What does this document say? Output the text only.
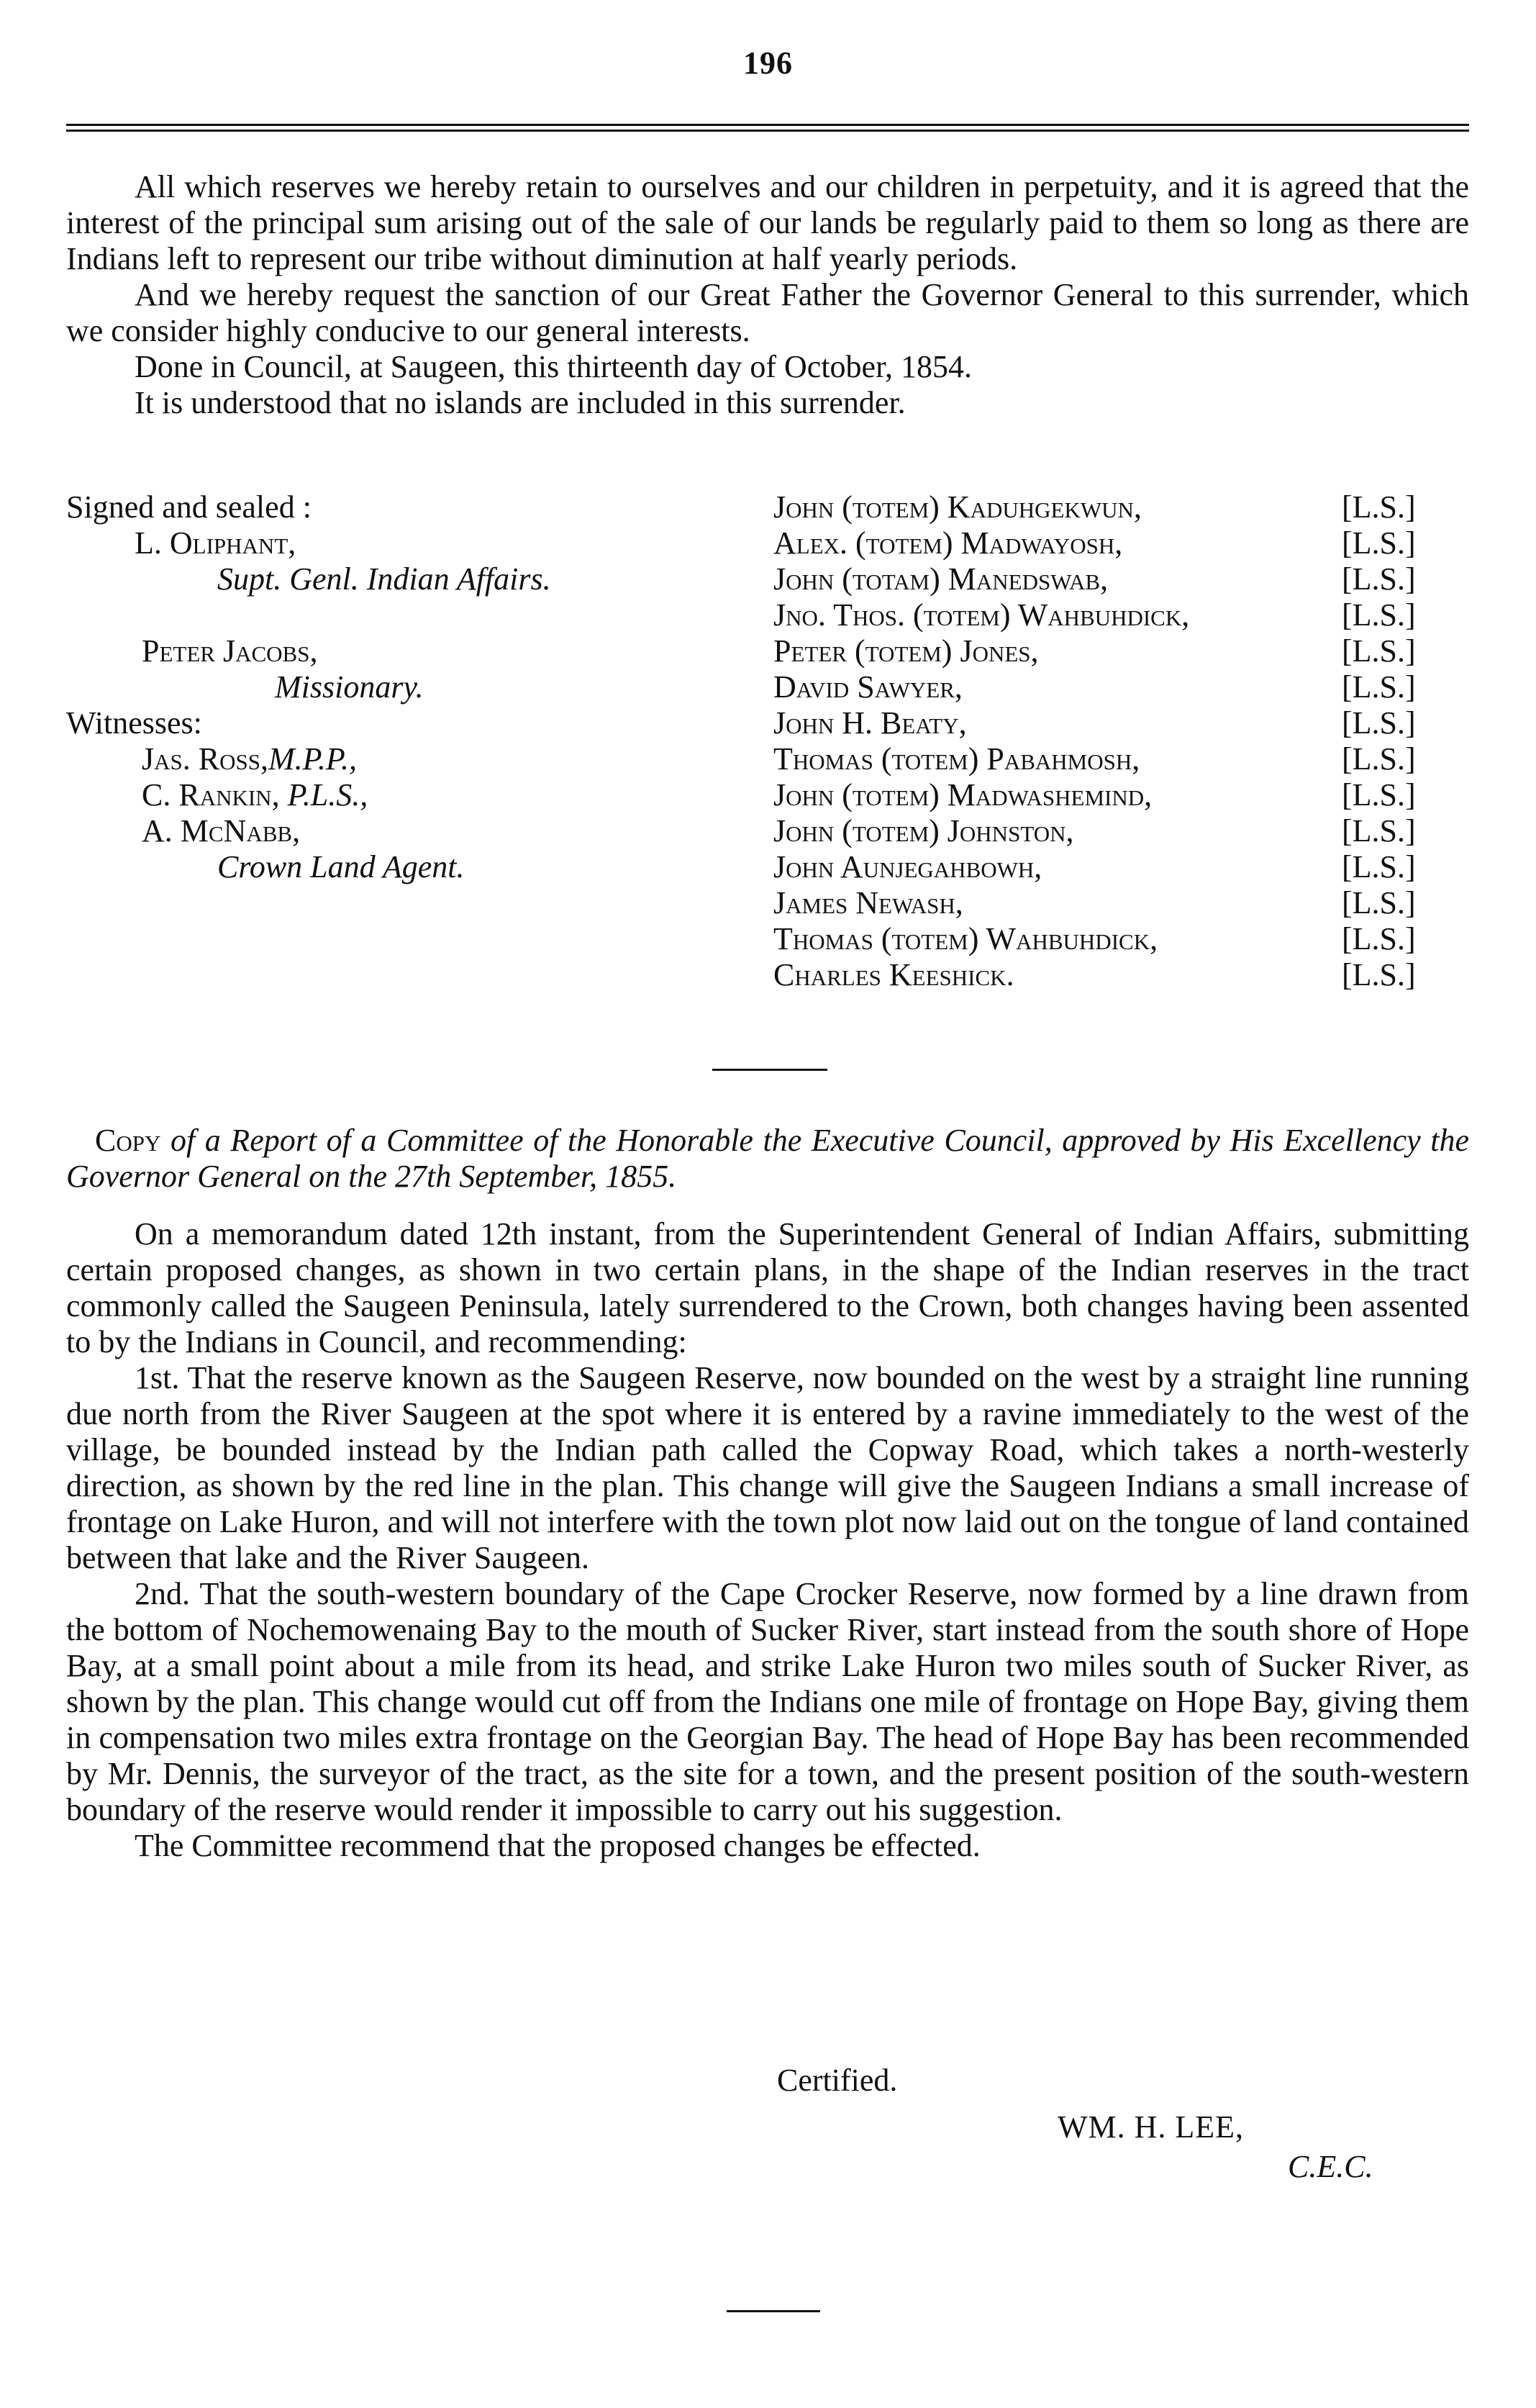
196

All which reserves we hereby retain to ourselves and our children in perpetuity, and it is agreed that the interest of the principal sum arising out of the sale of our lands be regularly paid to them so long as there are Indians left to represent our tribe without diminution at half yearly periods.

And we hereby request the sanction of our Great Father the Governor General to this surrender, which we consider highly conducive to our general interests.

Done in Council, at Saugeen, this thirteenth day of October, 1854.

It is understood that no islands are included in this surrender.

Signed and sealed :
L. Oliphant,
Supt. Genl. Indian Affairs.
Peter Jacobs,
Missionary.
Witnesses:
Jas. Ross,M.P.P.,
C. Rankin, P.L.S.,
A. McNabb,
Crown Land Agent.
John (totem) Kaduhgekwun,	[L.S.]
Alex. (totem) Madwayosh,	[L.S.]
John (totam) Manedswab,	[L.S.]
Jno. Thos. (totem) Wahbuhdick,	[L.S.]
Peter (totem) Jones,	[L.S.]
David Sawyer,	[L.S.]
John H. Beaty,	[L.S.]
Thomas (totem) Pabahmosh,	[L.S.]
John (totem) Madwashemind,	[L.S.]
John (totem) Johnston,	[L.S.]
John Aunjegahbowh,	[L.S.]
James Newash,	[L.S.]
Thomas (totem) Wahbuhdick,	[L.S.]
Charles Keeshick.	[L.S.]
Copy of a Report of a Committee of the Honorable the Executive Council, approved by His Excellency the Governor General on the 27th September, 1855.

On a memorandum dated 12th instant, from the Superintendent General of Indian Affairs, submitting certain proposed changes, as shown in two certain plans, in the shape of the Indian reserves in the tract commonly called the Saugeen Peninsula, lately surrendered to the Crown, both changes having been assented to by the Indians in Council, and recommending:

1st. That the reserve known as the Saugeen Reserve, now bounded on the west by a straight line running due north from the River Saugeen at the spot where it is entered by a ravine immediately to the west of the village, be bounded instead by the Indian path called the Copway Road, which takes a north-westerly direction, as shown by the red line in the plan. This change will give the Saugeen Indians a small increase of frontage on Lake Huron, and will not interfere with the town plot now laid out on the tongue of land contained between that lake and the River Saugeen.

2nd. That the south-western boundary of the Cape Crocker Reserve, now formed by a line drawn from the bottom of Nochemowenaing Bay to the mouth of Sucker River, start instead from the south shore of Hope Bay, at a small point about a mile from its head, and strike Lake Huron two miles south of Sucker River, as shown by the plan. This change would cut off from the Indians one mile of frontage on Hope Bay, giving them in compensation two miles extra frontage on the Georgian Bay. The head of Hope Bay has been recommended by Mr. Dennis, the surveyor of the tract, as the site for a town, and the present position of the south-western boundary of the reserve would render it impossible to carry out his suggestion.

The Committee recommend that the proposed changes be effected.

Certified.
WM. H. LEE,
C.E.C.
